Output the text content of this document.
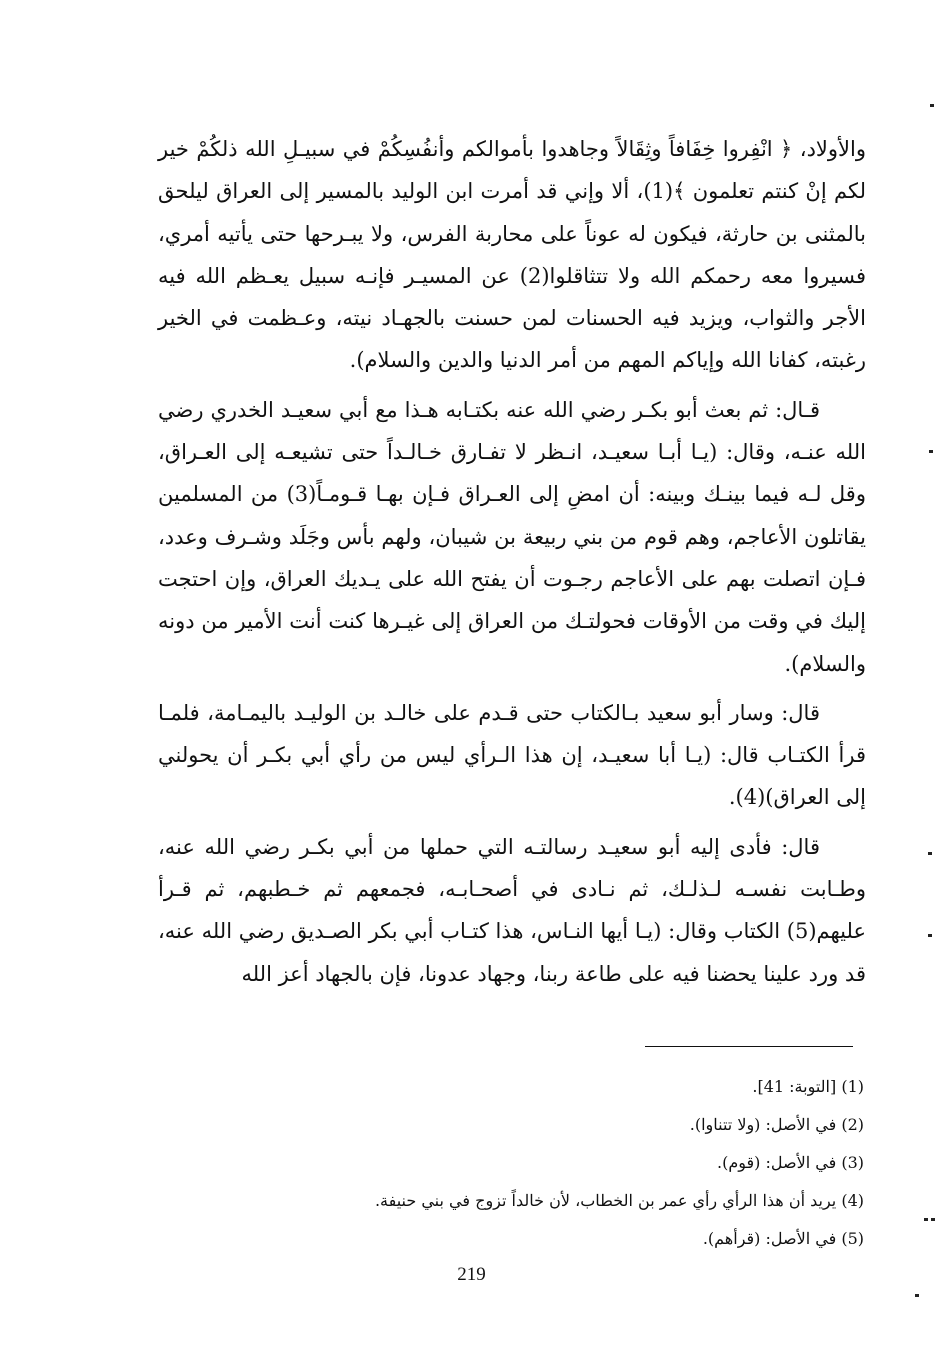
والأولاد، ﴿ انْفِروا خِفَافاً وثِقَالاً وجاهدوا بأموالكم وأنفُسِكُمْ في سبيـلِ الله ذلكُمْ خير لكم إنْ كنتم تعلمون ﴾(1)، ألا وإني قد أمرت ابن الوليد بالمسير إلى العراق ليلحق بالمثنى بن حارثة، فيكون له عوناً على محاربة الفرس، ولا يبـرحها حتى يأتيه أمري، فسيروا معه رحمكم الله ولا تتثاقلوا(2) عن المسيـر فإنـه سبيل يعـظم الله فيه الأجر والثواب، ويزيد فيه الحسنات لمن حسنت بالجهـاد نيته، وعـظمت في الخير رغبته، كفانا الله وإياكم المهم من أمر الدنيا والدين والسلام).

قـال: ثم بعث أبو بكـر رضي الله عنه بكتـابه هـذا مع أبي سعيـد الخدري رضي الله عنـه، وقال: (يـا أبـا سعيـد، انـظر لا تفـارق خـالـداً حتى تشيعـه إلى العـراق، وقل لـه فيما بينـك وبينه: أن امضِ إلى العـراق فـإن بهـا قـومـاً(3) من المسلمين يقاتلون الأعاجم، وهم قوم من بني ربيعة بن شيبان، ولهم بأس وجَلَد وشـرف وعدد، فـإن اتصلت بهم على الأعاجم رجـوت أن يفتح الله على يـديك العراق، وإن احتجت إليك في وقت من الأوقات فحولتـك من العراق إلى غيـرها كنت أنت الأمير من دونه والسلام).

قال: وسار أبو سعيد بـالكتاب حتى قـدم على خالـد بن الوليـد باليمـامة، فلمـا قرأ الكتـاب قال: (يـا أبا سعيـد، إن هذا الـرأي ليس من رأي أبي بكـر أن يحولني إلى العراق)(4).

قال: فأدى إليه أبو سعيـد رسالتـه التي حملها من أبي بكـر رضي الله عنه، وطـابت نفسـه لـذلـك، ثم نـادى في أصحـابـه، فجمعهم ثم خـطبهم، ثم قـرأ عليهم(5) الكتاب وقال: (يـا أيها النـاس، هذا كتـاب أبي بكر الصـديق رضي الله عنه، قد ورد علينا يحضنا فيه على طاعة ربنا، وجهاد عدونا، فإن بالجهاد أعز الله

(1) [التوبة: 41].
(2) في الأصل: (ولا تتناوا).
(3) في الأصل: (قوم).
(4) يريد أن هذا الرأي رأي عمر بن الخطاب، لأن خالداً تزوج في بني حنيفة.
(5) في الأصل: (قرأهم).
219
